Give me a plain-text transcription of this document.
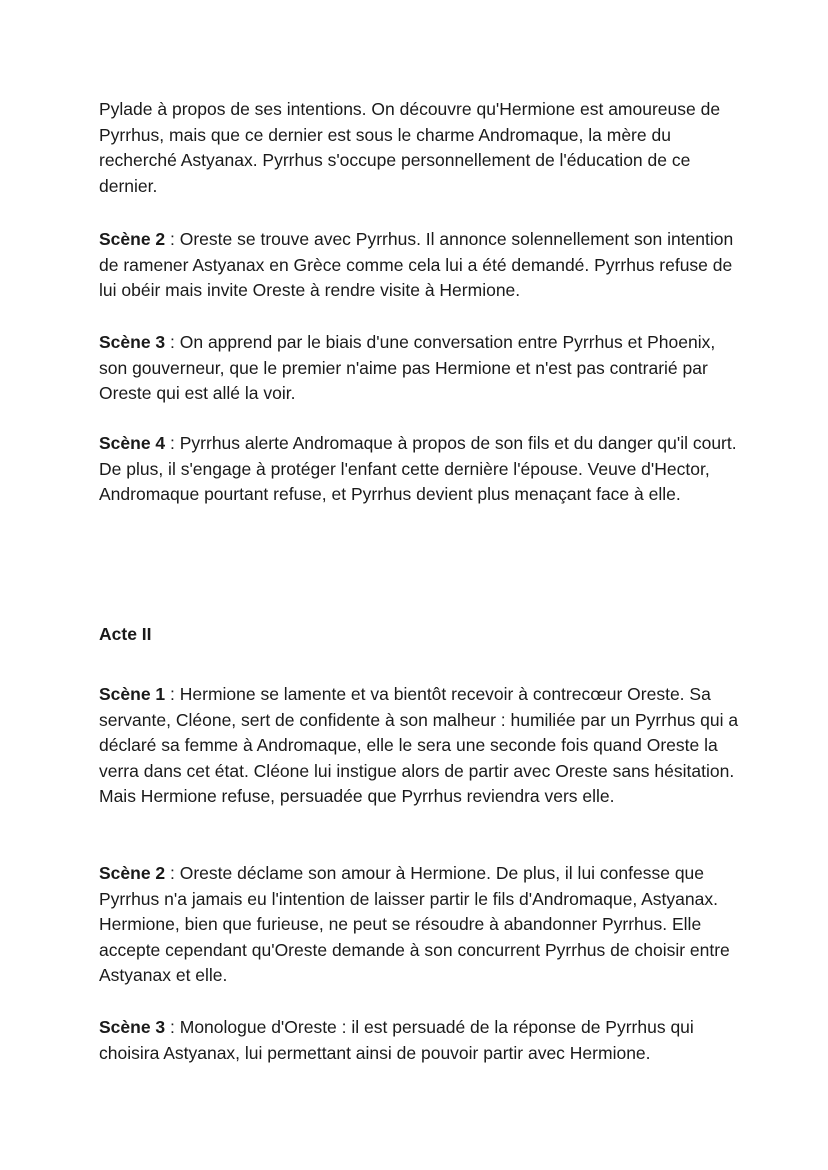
Pylade à propos de ses intentions. On découvre qu'Hermione est amoureuse de Pyrrhus, mais que ce dernier est sous le charme Andromaque, la mère du recherché Astyanax. Pyrrhus s'occupe personnellement de l'éducation de ce dernier.

Scène 2 : Oreste se trouve avec Pyrrhus. Il annonce solennellement son intention de ramener Astyanax en Grèce comme cela lui a été demandé. Pyrrhus refuse de lui obéir mais invite Oreste à rendre visite à Hermione.

Scène 3 : On apprend par le biais d'une conversation entre Pyrrhus et Phoenix, son gouverneur, que le premier n'aime pas Hermione et n'est pas contrarié par Oreste qui est allé la voir.

Scène 4 : Pyrrhus alerte Andromaque à propos de son fils et du danger qu'il court. De plus, il s'engage à protéger l'enfant cette dernière l'épouse. Veuve d'Hector, Andromaque pourtant refuse, et Pyrrhus devient plus menaçant face à elle.

Acte II

Scène 1 : Hermione se lamente et va bientôt recevoir à contrecœur Oreste. Sa servante, Cléone, sert de confidente à son malheur : humiliée par un Pyrrhus qui a déclaré sa femme à Andromaque, elle le sera une seconde fois quand Oreste la verra dans cet état. Cléone lui instigue alors de partir avec Oreste sans hésitation. Mais Hermione refuse, persuadée que Pyrrhus reviendra vers elle.

Scène 2 : Oreste déclame son amour à Hermione. De plus, il lui confesse que Pyrrhus n'a jamais eu l'intention de laisser partir le fils d'Andromaque, Astyanax. Hermione, bien que furieuse, ne peut se résoudre à abandonner Pyrrhus. Elle accepte cependant qu'Oreste demande à son concurrent Pyrrhus de choisir entre Astyanax et elle.

Scène 3 : Monologue d'Oreste : il est persuadé de la réponse de Pyrrhus qui choisira Astyanax, lui permettant ainsi de pouvoir partir avec Hermione.
